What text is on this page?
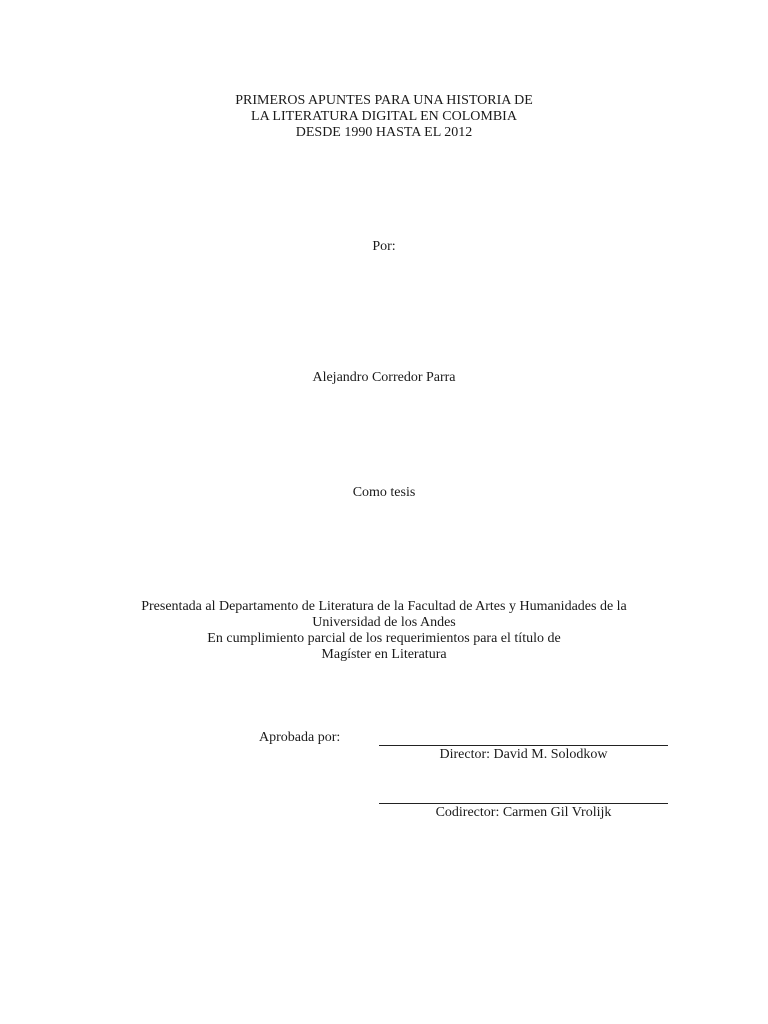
PRIMEROS APUNTES PARA UNA HISTORIA DE
LA LITERATURA DIGITAL EN COLOMBIA
DESDE 1990 HASTA EL 2012
Por:
Alejandro Corredor Parra
Como tesis
Presentada al Departamento de Literatura de la Facultad de Artes y Humanidades de la
Universidad de los Andes
En cumplimiento parcial de los requerimientos para el título de
Magíster en Literatura
Aprobada por:
Director: David M. Solodkow
Codirector: Carmen Gil Vrolijk
